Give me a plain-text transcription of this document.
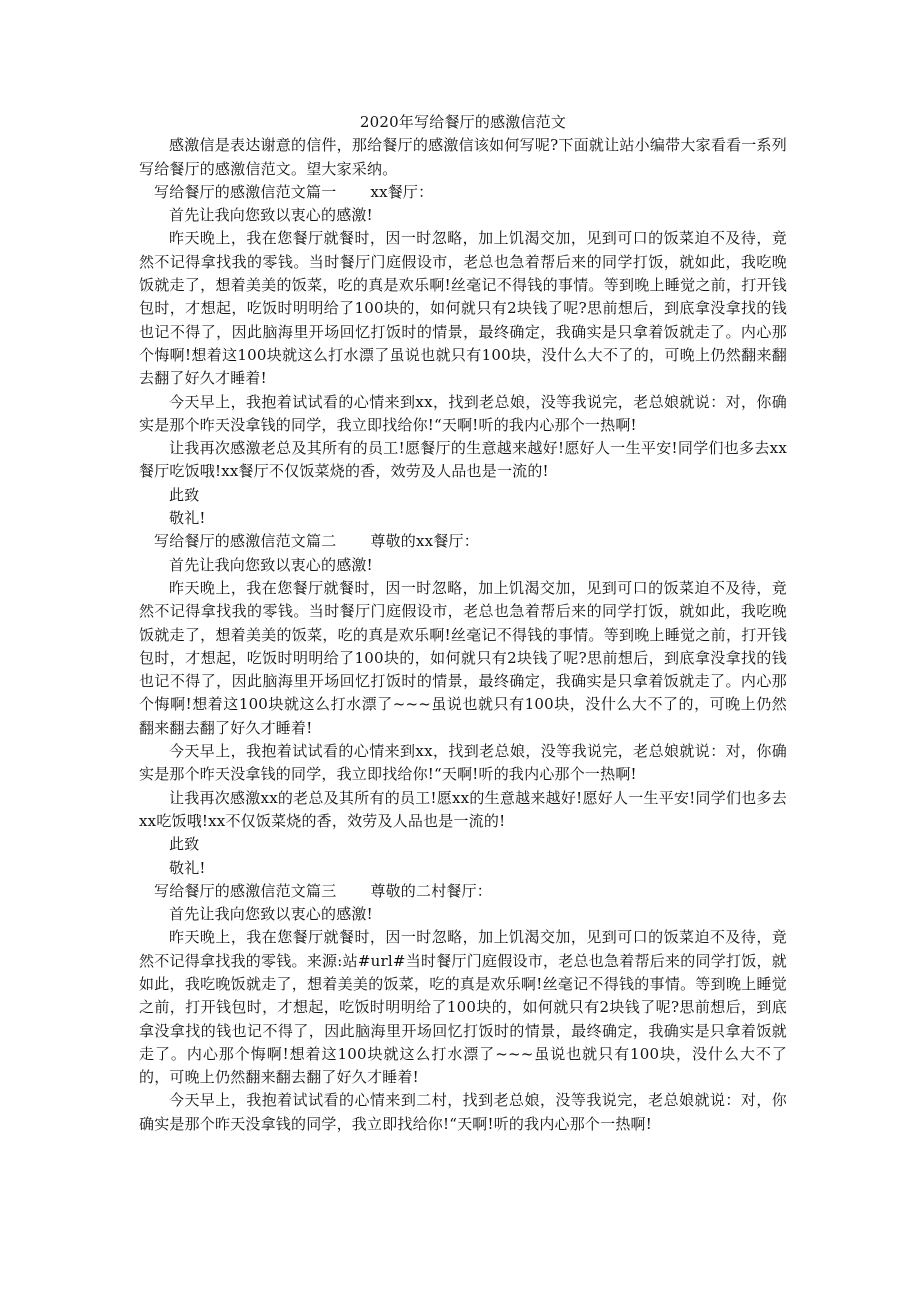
2020年写给餐厅的感激信范文

感激信是表达谢意的信件，那给餐厅的感激信该如何写呢?下面就让站小编带大家看看一系列写给餐厅的感激信范文。望大家采纳。

写给餐厅的感激信范文篇一 xx餐厅：

首先让我向您致以衷心的感激!

昨天晚上，我在您餐厅就餐时，因一时忽略，加上饥渴交加，见到可口的饭菜迫不及待，竟然不记得拿找我的零钱。当时餐厅门庭假设市，老总也急着帮后来的同学打饭，就如此，我吃晚饭就走了，想着美美的饭菜，吃的真是欢乐啊!丝毫记不得钱的事情。等到晚上睡觉之前，打开钱包时，才想起，吃饭时明明给了100块的，如何就只有2块钱了呢?思前想后，到底拿没拿找的钱也记不得了，因此脑海里开场回忆打饭时的情景，最终确定，我确实是只拿着饭就走了。内心那个悔啊!想着这100块就这么打水漂了虽说也就只有100块，没什么大不了的，可晚上仍然翻来翻去翻了好久才睡着!

今天早上，我抱着试试看的心情来到xx，找到老总娘，没等我说完，老总娘就说：对，你确实是那个昨天没拿钱的同学，我立即找给你!“天啊!听的我内心那个一热啊!

让我再次感激老总及其所有的员工!愿餐厅的生意越来越好!愿好人一生平安!同学们也多去xx餐厅吃饭哦!xx餐厅不仅饭菜烧的香，效劳及人品也是一流的!

此致

敬礼!

写给餐厅的感激信范文篇二 尊敬的xx餐厅：

首先让我向您致以衷心的感激!

昨天晚上，我在您餐厅就餐时，因一时忽略，加上饥渴交加，见到可口的饭菜迫不及待，竟然不记得拿找我的零钱。当时餐厅门庭假设市，老总也急着帮后来的同学打饭，就如此，我吃晚饭就走了，想着美美的饭菜，吃的真是欢乐啊!丝毫记不得钱的事情。等到晚上睡觉之前，打开钱包时，才想起，吃饭时明明给了100块的，如何就只有2块钱了呢?思前想后，到底拿没拿找的钱也记不得了，因此脑海里开场回忆打饭时的情景，最终确定，我确实是只拿着饭就走了。内心那个悔啊!想着这100块就这么打水漂了~~~虽说也就只有100块，没什么大不了的，可晚上仍然翻来翻去翻了好久才睡着!

今天早上，我抱着试试看的心情来到xx，找到老总娘，没等我说完，老总娘就说：对，你确实是那个昨天没拿钱的同学，我立即找给你!“天啊!听的我内心那个一热啊!

让我再次感激xx的老总及其所有的员工!愿xx的生意越来越好!愿好人一生平安!同学们也多去xx吃饭哦!xx不仅饭菜烧的香，效劳及人品也是一流的!

此致

敬礼!

写给餐厅的感激信范文篇三 尊敬的二村餐厅：

首先让我向您致以衷心的感激!

昨天晚上，我在您餐厅就餐时，因一时忽略，加上饥渴交加，见到可口的饭菜迫不及待，竟然不记得拿找我的零钱。来源:站#url#当时餐厅门庭假设市，老总也急着帮后来的同学打饭，就如此，我吃晚饭就走了，想着美美的饭菜，吃的真是欢乐啊!丝毫记不得钱的事情。等到晚上睡觉之前，打开钱包时，才想起，吃饭时明明给了100块的，如何就只有2块钱了呢?思前想后，到底拿没拿找的钱也记不得了，因此脑海里开场回忆打饭时的情景，最终确定，我确实是只拿着饭就走了。内心那个悔啊!想着这100块就这么打水漂了~~~虽说也就只有100块，没什么大不了的，可晚上仍然翻来翻去翻了好久才睡着!

今天早上，我抱着试试看的心情来到二村，找到老总娘，没等我说完，老总娘就说：对，你确实是那个昨天没拿钱的同学，我立即找给你!“天啊!听的我内心那个一热啊!
